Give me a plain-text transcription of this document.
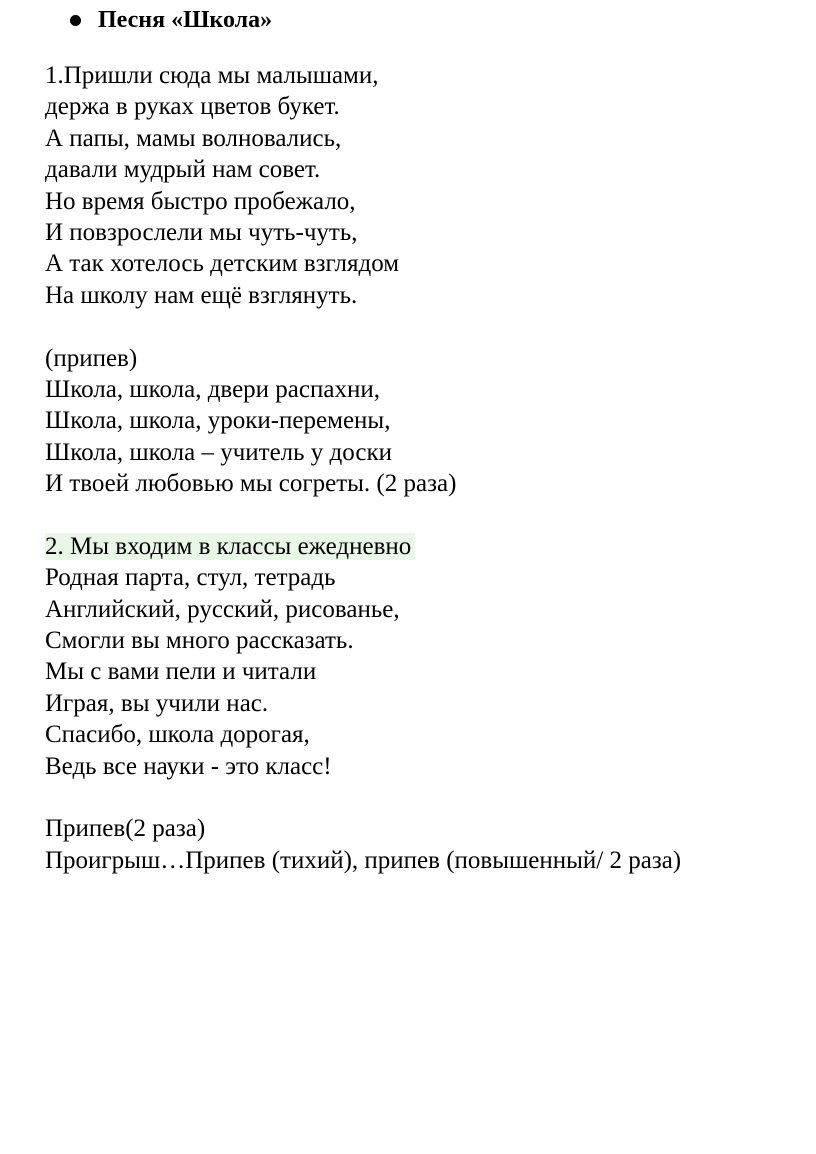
Песня «Школа»
1.Пришли сюда мы малышами,
держа в руках цветов букет.
А папы, мамы волновались,
давали мудрый нам совет.
Но время быстро пробежало,
И повзрослели мы чуть-чуть,
А так хотелось детским взглядом
На школу нам ещё взглянуть.
(припев)
Школа, школа, двери распахни,
Школа, школа, уроки-перемены,
Школа, школа – учитель у доски
И твоей любовью мы согреты. (2 раза)
2. Мы входим в классы ежедневно
Родная парта, стул, тетрадь
Английский, русский, рисованье,
Смогли вы много рассказать.
Мы с вами пели и читали
Играя, вы учили нас.
Спасибо, школа дорогая,
Ведь все науки - это класс!
Припев(2 раза)
Проигрыш…Припев (тихий), припев (повышенный/ 2 раза)
